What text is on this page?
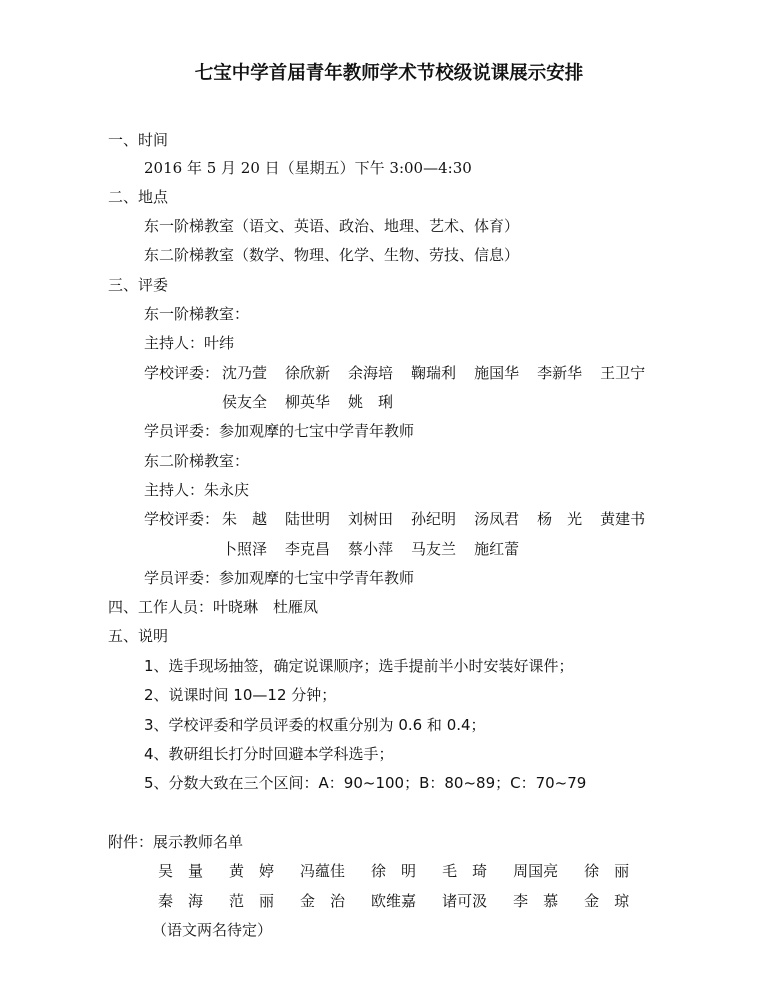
七宝中学首届青年教师学术节校级说课展示安排
一、时间
2016 年 5 月 20 日（星期五）下午 3:00—4:30
二、地点
东一阶梯教室（语文、英语、政治、地理、艺术、体育）
东二阶梯教室（数学、物理、化学、生物、劳技、信息）
三、评委
东一阶梯教室：
主持人：叶纬
学校评委： 沈乃萱 徐欣新 余海培 鞠瑞利 施国华 李新华 王卫宁
侯友全 柳英华 姚　琍
学员评委：参加观摩的七宝中学青年教师
东二阶梯教室：
主持人：朱永庆
学校评委： 朱　越 陆世明 刘树田 孙纪明 汤凤君 杨　光 黄建书
卜照泽 李克昌 蔡小萍 马友兰 施红蕾
学员评委：参加观摩的七宝中学青年教师
四、工作人员：叶晓琳　杜雁凤
五、说明
1、选手现场抽签，确定说课顺序；选手提前半小时安装好课件；
2、说课时间 10—12 分钟；
3、学校评委和学员评委的权重分别为 0.6 和 0.4；
4、教研组长打分时回避本学科选手；
5、分数大致在三个区间：A：90~100；B：80~89；C：70~79
附件：展示教师名单
吴　量 黄　婷 冯蕴佳 徐　明 毛　琦 周国亮 徐　丽
秦　海 范　丽 金　治 欧维嘉 诸可汲 李　慕 金　琼
（语文两名待定）
